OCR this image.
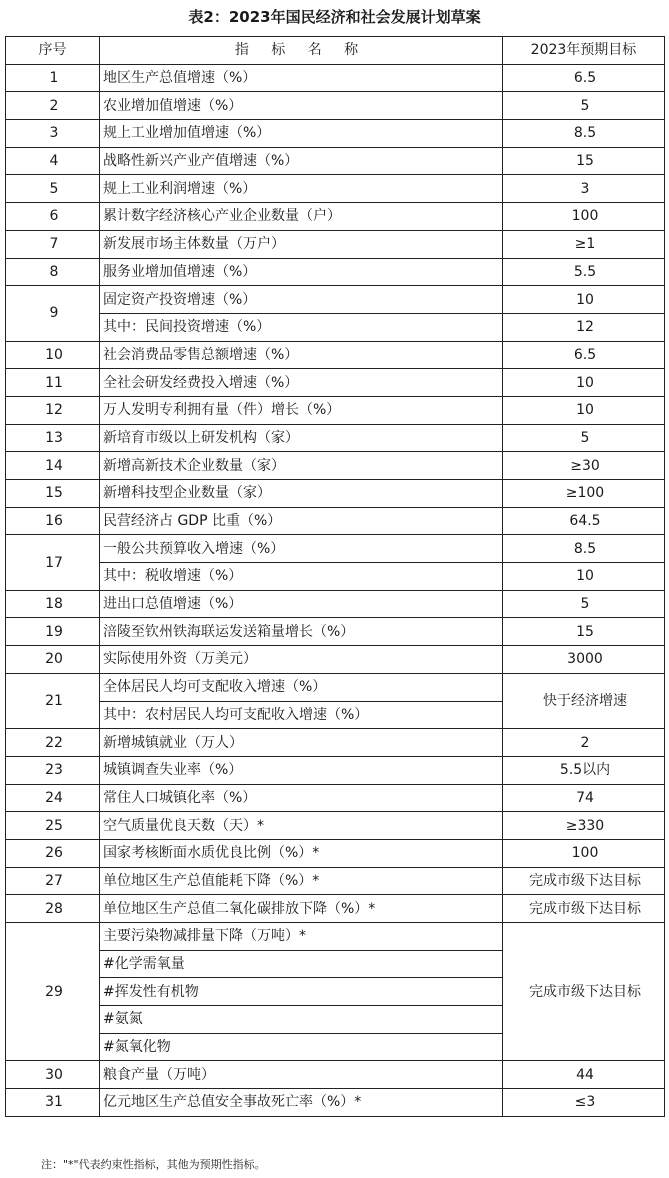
表2：2023年国民经济和社会发展计划草案
序号	指 标 名 称	2023年预期目标
1	地区生产总值增速（%）	6.5
2	农业增加值增速（%）	5
3	规上工业增加值增速（%）	8.5
4	战略性新兴产业产值增速（%）	15
5	规上工业利润增速（%）	3
6	累计数字经济核心产业企业数量（户）	100
7	新发展市场主体数量（万户）	≥1
8	服务业增加值增速（%）	5.5
9	固定资产投资增速（%）	10
	其中：民间投资增速（%）	12
10	社会消费品零售总额增速（%）	6.5
11	全社会研发经费投入增速（%）	10
12	万人发明专利拥有量（件）增长（%）	10
13	新培育市级以上研发机构（家）	5
14	新增高新技术企业数量（家）	≥30
15	新增科技型企业数量（家）	≥100
16	民营经济占 GDP 比重（%）	64.5
17	一般公共预算收入增速（%）	8.5
	其中：税收增速（%）	10
18	进出口总值增速（%）	5
19	涪陵至钦州铁海联运发送箱量增长（%）	15
20	实际使用外资（万美元）	3000
21	全体居民人均可支配收入增速（%）	快于经济增速
	其中：农村居民人均可支配收入增速（%）	
22	新增城镇就业（万人）	2
23	城镇调查失业率（%）	5.5以内
24	常住人口城镇化率（%）	74
25	空气质量优良天数（天）*	≥330
26	国家考核断面水质优良比例（%）*	100
27	单位地区生产总值能耗下降（%）*	完成市级下达目标
28	单位地区生产总值二氧化碳排放下降（%）*	完成市级下达目标
29	主要污染物减排量下降（万吨）*	完成市级下达目标
	#化学需氧量	
	#挥发性有机物	
	#氨氮	
	#氮氧化物	
30	粮食产量（万吨）	44
31	亿元地区生产总值安全事故死亡率（%）*	≤3
注："*"代表约束性指标，其他为预期性指标。
